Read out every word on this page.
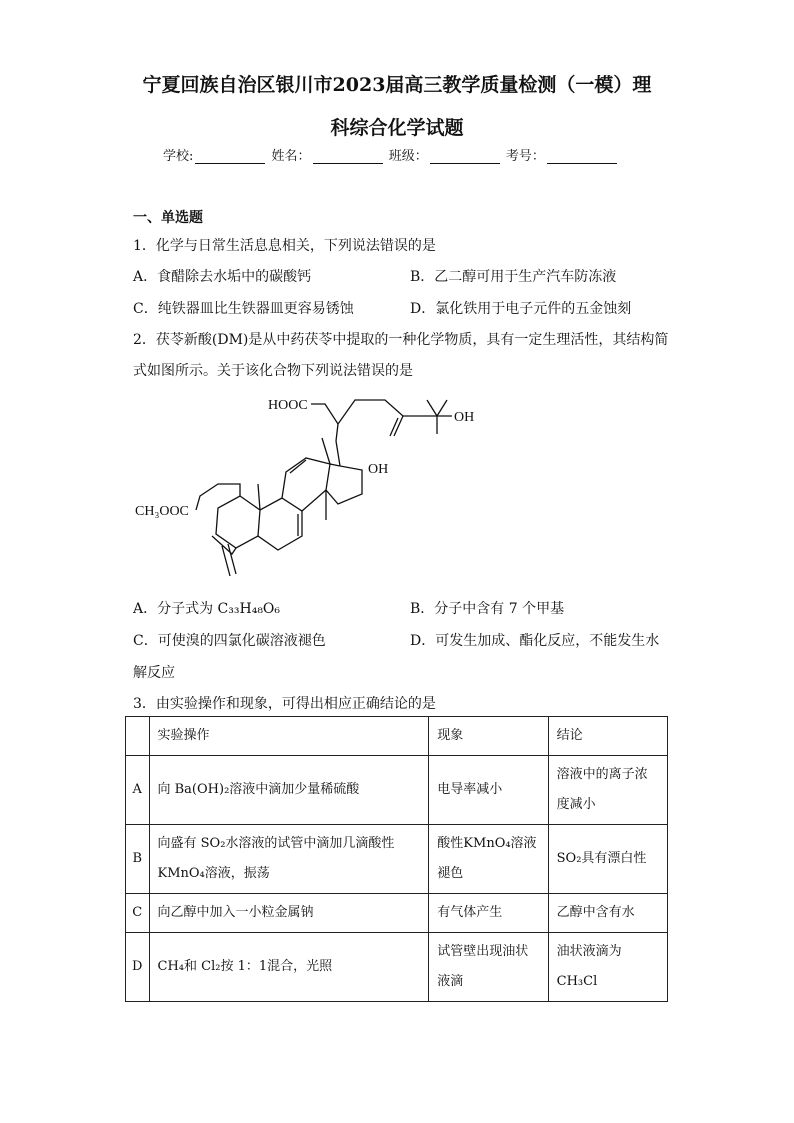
宁夏回族自治区银川市2023届高三教学质量检测（一模）理
科综合化学试题
学校:	姓名：	班级：	考号：
一、单选题
1．化学与日常生活息息相关，下列说法错误的是
A．食醋除去水垢中的碳酸钙	B．乙二醇可用于生产汽车防冻液
C．纯铁器皿比生铁器皿更容易锈蚀	D．氯化铁用于电子元件的五金蚀刻
2．茯苓新酸(DM)是从中药茯苓中提取的一种化学物质，具有一定生理活性，其结构简
式如图所示。关于该化合物下列说法错误的是
HOOC
OH
OH
CH₃OOC
A．分子式为 C₃₃H₄₈O₆	B．分子中含有 7 个甲基
C．可使溴的四氯化碳溶液褪色	D．可发生加成、酯化反应，不能发生水
解反应
3．由实验操作和现象，可得出相应正确结论的是
	实验操作	现象	结论
A	向 Ba(OH)₂溶液中滴加少量稀硫酸	电导率减小	溶液中的离子浓度减小
B	向盛有 SO₂水溶液的试管中滴加几滴酸性KMnO₄溶液，振荡	酸性KMnO₄溶液褪色	SO₂具有漂白性
C	向乙醇中加入一小粒金属钠	有气体产生	乙醇中含有水
D	CH₄和 Cl₂按 1：1混合，光照	试管壁出现油状液滴	油状液滴为CH₃Cl
